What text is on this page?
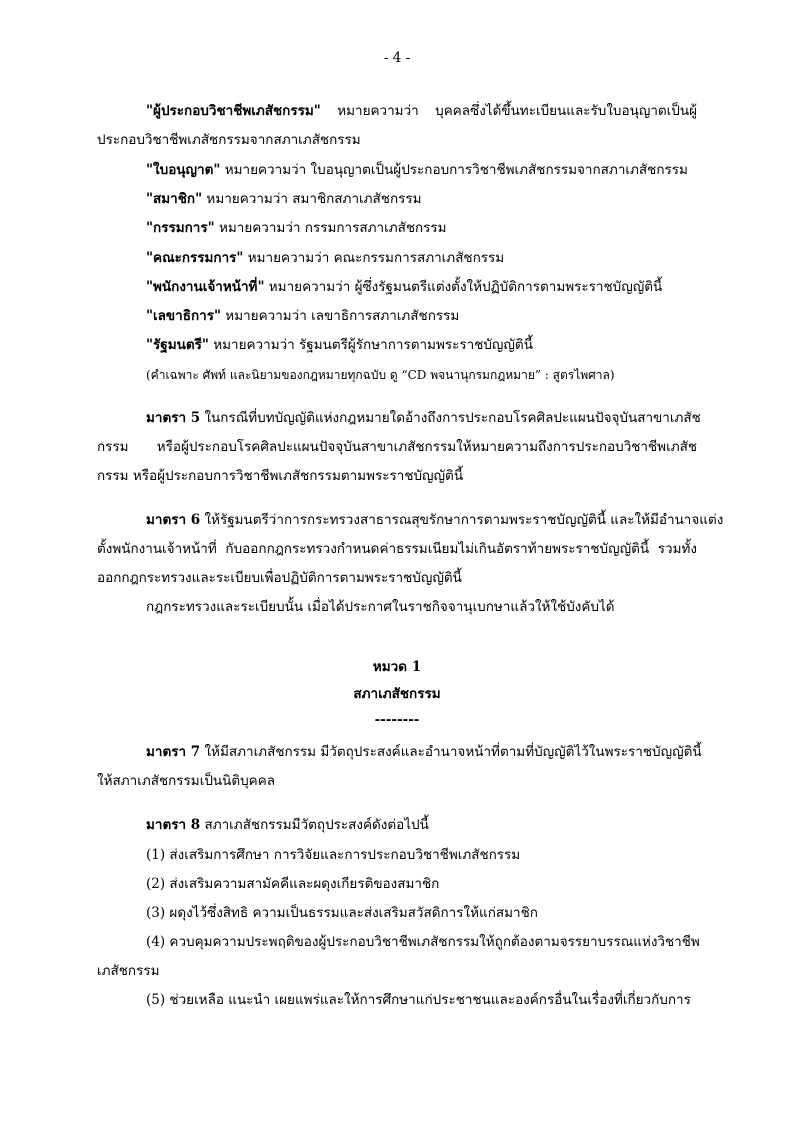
- 4 -
"ผู้ประกอบวิชาชีพเภสัชกรรม" หมายความว่า บุคคลซึ่งได้ขึ้นทะเบียนและรับใบอนุญาตเป็นผู้
ประกอบวิชาชีพเภสัชกรรมจากสภาเภสัชกรรม
"ใบอนุญาต" หมายความว่า ใบอนุญาตเป็นผู้ประกอบการวิชาชีพเภสัชกรรมจากสภาเภสัชกรรม
"สมาชิก" หมายความว่า สมาชิกสภาเภสัชกรรม
"กรรมการ" หมายความว่า กรรมการสภาเภสัชกรรม
"คณะกรรมการ" หมายความว่า คณะกรรมการสภาเภสัชกรรม
"พนักงานเจ้าหน้าที่" หมายความว่า ผู้ซึ่งรัฐมนตรีแต่งตั้งให้ปฏิบัติการตามพระราชบัญญัตินี้
"เลขาธิการ" หมายความว่า เลขาธิการสภาเภสัชกรรม
"รัฐมนตรี" หมายความว่า รัฐมนตรีผู้รักษาการตามพระราชบัญญัตินี้
(คำเฉพาะ ศัพท์ และนิยามของกฎหมายทุกฉบับ ดู “CD พจนานุกรมกฎหมาย” : สูตรไพศาล)
มาตรา 5 ในกรณีที่บทบัญญัติแห่งกฎหมายใดอ้างถึงการประกอบโรคศิลปะแผนปัจจุบันสาขาเภสัช
กรรม หรือผู้ประกอบโรคศิลปะแผนปัจจุบันสาขาเภสัชกรรมให้หมายความถึงการประกอบวิชาชีพเภสัช
กรรม หรือผู้ประกอบการวิชาชีพเภสัชกรรมตามพระราชบัญญัตินี้
มาตรา 6 ให้รัฐมนตรีว่าการกระทรวงสาธารณสุขรักษาการตามพระราชบัญญัตินี้ และให้มีอำนาจแต่ง
ตั้งพนักงานเจ้าหน้าที่ กับออกกฎกระทรวงกำหนดค่าธรรมเนียมไม่เกินอัตราท้ายพระราชบัญญัตินี้ รวมทั้ง
ออกกฎกระทรวงและระเบียบเพื่อปฏิบัติการตามพระราชบัญญัตินี้
กฎกระทรวงและระเบียบนั้น เมื่อได้ประกาศในราชกิจจานุเบกษาแล้วให้ใช้บังคับได้
หมวด 1
สภาเภสัชกรรม
--------
มาตรา 7 ให้มีสภาเภสัชกรรม มีวัตถุประสงค์และอำนาจหน้าที่ตามที่บัญญัติไว้ในพระราชบัญญัตินี้
ให้สภาเภสัชกรรมเป็นนิติบุคคล
มาตรา 8 สภาเภสัชกรรมมีวัตถุประสงค์ดังต่อไปนี้
(1) ส่งเสริมการศึกษา การวิจัยและการประกอบวิชาชีพเภสัชกรรม
(2) ส่งเสริมความสามัคคีและผดุงเกียรติของสมาชิก
(3) ผดุงไว้ซึ่งสิทธิ ความเป็นธรรมและส่งเสริมสวัสดิการให้แก่สมาชิก
(4) ควบคุมความประพฤติของผู้ประกอบวิชาชีพเภสัชกรรมให้ถูกต้องตามจรรยาบรรณแห่งวิชาชีพ
เภสัชกรรม
(5) ช่วยเหลือ แนะนำ เผยแพร่และให้การศึกษาแก่ประชาชนและองค์กรอื่นในเรื่องที่เกี่ยวกับการ
